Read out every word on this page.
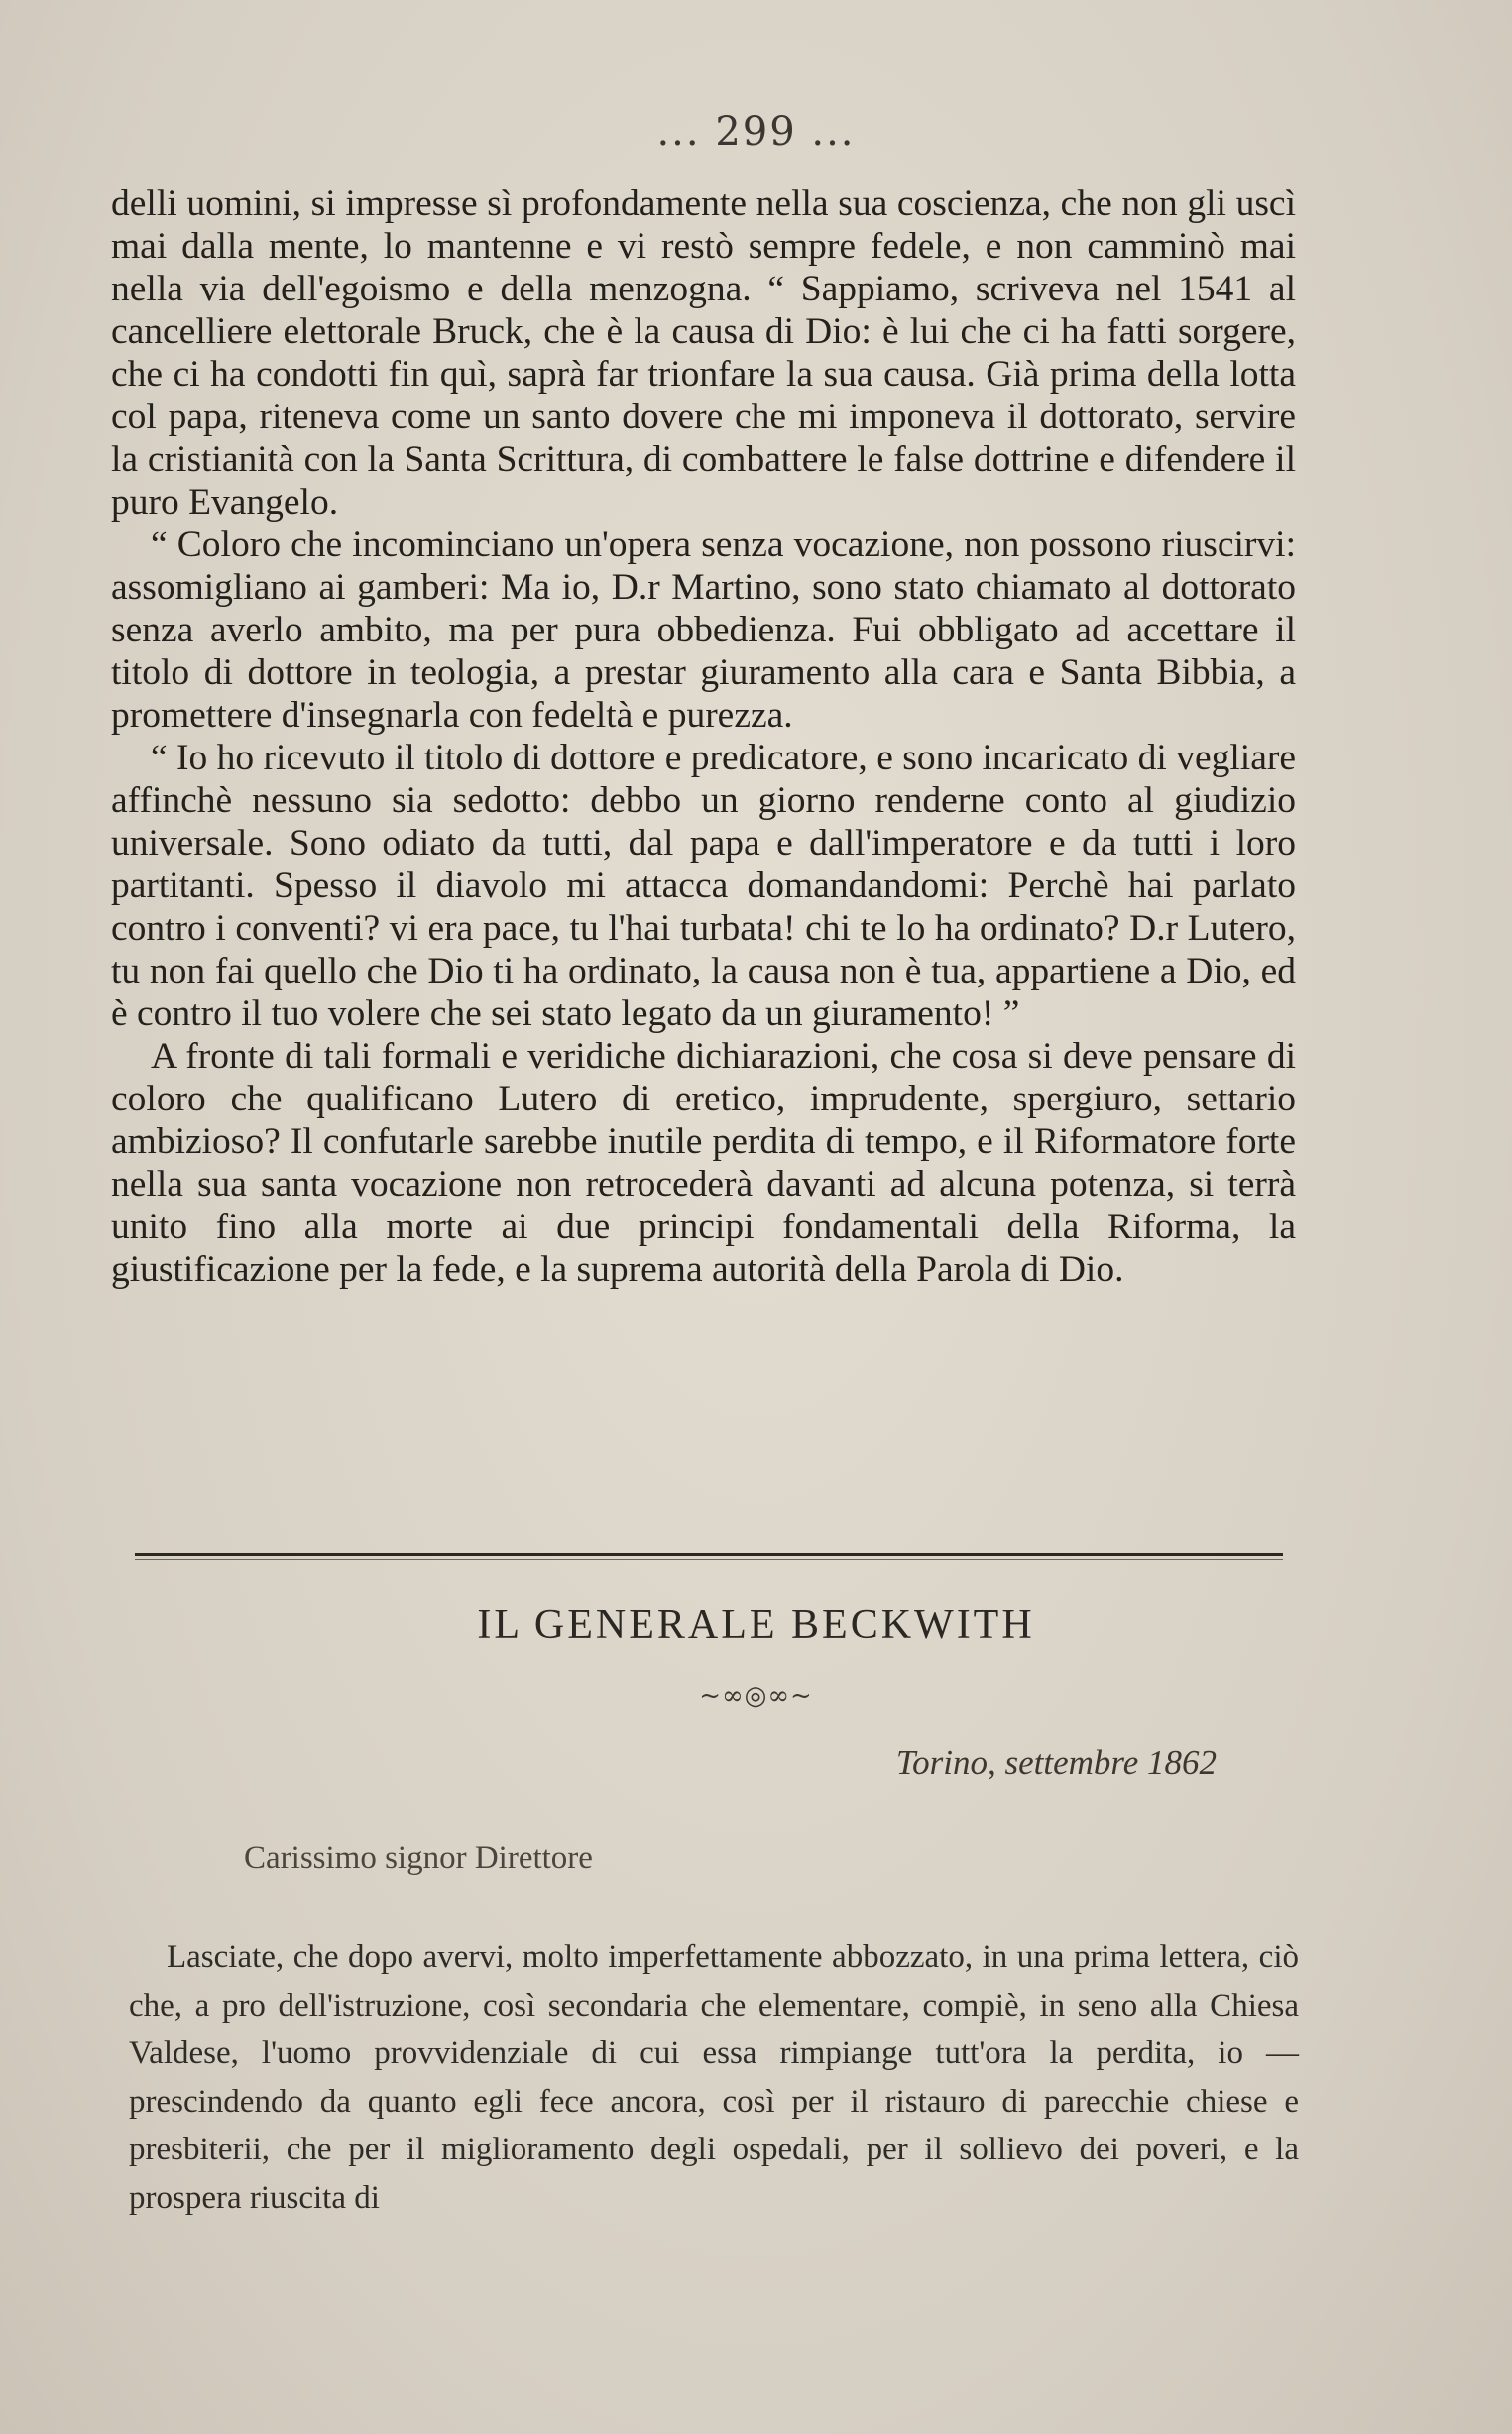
... 299 ...

delli uomini, si impresse sì profondamente nella sua coscienza, che non gli uscì mai dalla mente, lo mantenne e vi restò sempre fedele, e non camminò mai nella via dell'egoismo e della menzogna. “ Sappiamo, scriveva nel 1541 al cancelliere elettorale Bruck, che è la causa di Dio: è lui che ci ha fatti sorgere, che ci ha condotti fin quì, saprà far trionfare la sua causa. Già prima della lotta col papa, riteneva come un santo dovere che mi imponeva il dottorato, servire la cristianità con la Santa Scrittura, di combattere le false dottrine e difendere il puro Evangelo.

“ Coloro che incominciano un'opera senza vocazione, non possono riuscirvi: assomigliano ai gamberi: Ma io, D.r Martino, sono stato chiamato al dottorato senza averlo ambito, ma per pura obbedienza. Fui obbligato ad accettare il titolo di dottore in teologia, a prestar giuramento alla cara e Santa Bibbia, a promettere d'insegnarla con fedeltà e purezza.

“ Io ho ricevuto il titolo di dottore e predicatore, e sono incaricato di vegliare affinchè nessuno sia sedotto: debbo un giorno renderne conto al giudizio universale. Sono odiato da tutti, dal papa e dall'imperatore e da tutti i loro partitanti. Spesso il diavolo mi attacca domandandomi: Perchè hai parlato contro i conventi? vi era pace, tu l'hai turbata! chi te lo ha ordinato? D.r Lutero, tu non fai quello che Dio ti ha ordinato, la causa non è tua, appartiene a Dio, ed è contro il tuo volere che sei stato legato da un giuramento! ”

A fronte di tali formali e veridiche dichiarazioni, che cosa si deve pensare di coloro che qualificano Lutero di eretico, imprudente, spergiuro, settario ambizioso? Il confutarle sarebbe inutile perdita di tempo, e il Riformatore forte nella sua santa vocazione non retrocederà davanti ad alcuna potenza, si terrà unito fino alla morte ai due principi fondamentali della Riforma, la giustificazione per la fede, e la suprema autorità della Parola di Dio.

IL GENERALE BECKWITH
~∞◎∞~
Torino, settembre 1862
Carissimo signor Direttore

Lasciate, che dopo avervi, molto imperfettamente abbozzato, in una prima lettera, ciò che, a pro dell'istruzione, così secondaria che elementare, compiè, in seno alla Chiesa Valdese, l'uomo provvidenziale di cui essa rimpiange tutt'ora la perdita, io — prescindendo da quanto egli fece ancora, così per il ristauro di parecchie chiese e presbiterii, che per il miglioramento degli ospedali, per il sollievo dei poveri, e la prospera riuscita di
